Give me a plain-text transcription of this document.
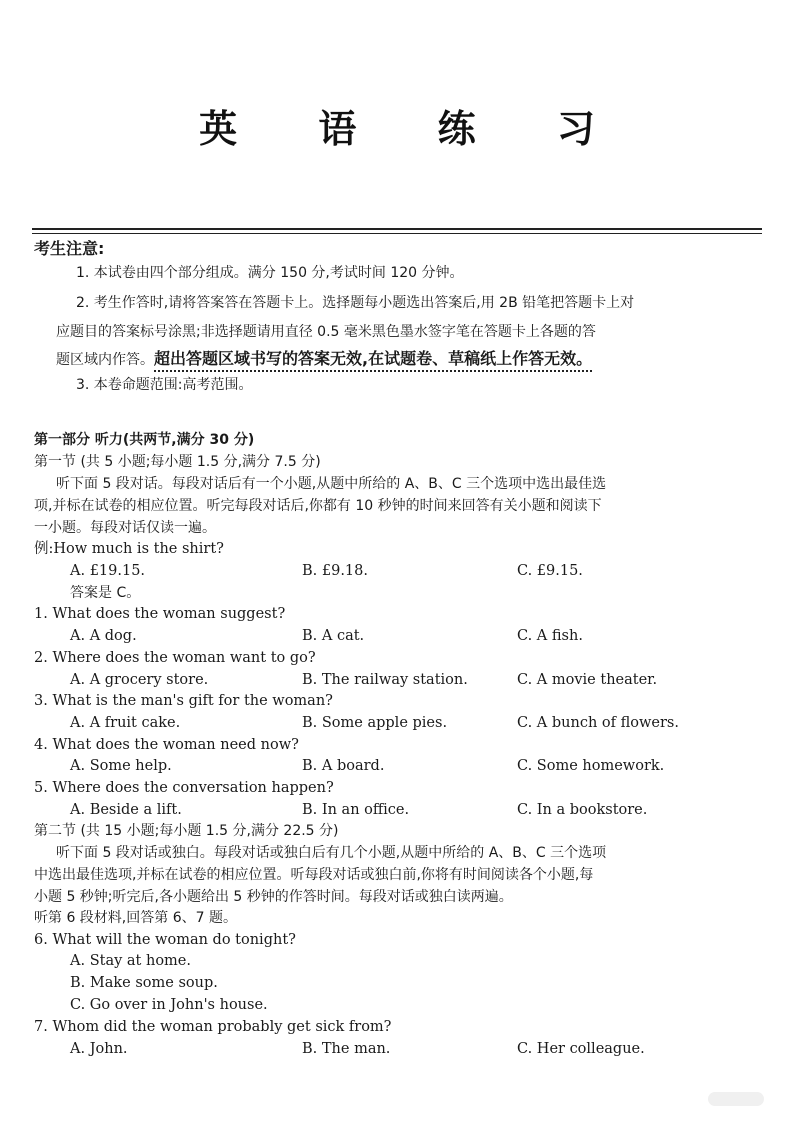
英 语 练 习
考生注意:
1. 本试卷由四个部分组成。满分 150 分,考试时间 120 分钟。
2. 考生作答时,请将答案答在答题卡上。选择题每小题选出答案后,用 2B 铅笔把答题卡上对
应题目的答案标号涂黑;非选择题请用直径 0.5 毫米黑色墨水签字笔在答题卡上各题的答
题区域内作答。超出答题区域书写的答案无效,在试题卷、草稿纸上作答无效。
3. 本卷命题范围:高考范围。
第一部分 听力(共两节,满分 30 分)
第一节 (共 5 小题;每小题 1.5 分,满分 7.5 分)
听下面 5 段对话。每段对话后有一个小题,从题中所给的 A、B、C 三个选项中选出最佳选
项,并标在试卷的相应位置。听完每段对话后,你都有 10 秒钟的时间来回答有关小题和阅读下
一小题。每段对话仅读一遍。
例:How much is the shirt?
A. £19.15.	B. £9.18.	C. £9.15.
答案是 C。
1. What does the woman suggest?
A. A dog.	B. A cat.	C. A fish.
2. Where does the woman want to go?
A. A grocery store.	B. The railway station.	C. A movie theater.
3. What is the man's gift for the woman?
A. A fruit cake.	B. Some apple pies.	C. A bunch of flowers.
4. What does the woman need now?
A. Some help.	B. A board.	C. Some homework.
5. Where does the conversation happen?
A. Beside a lift.	B. In an office.	C. In a bookstore.
第二节 (共 15 小题;每小题 1.5 分,满分 22.5 分)
听下面 5 段对话或独白。每段对话或独白后有几个小题,从题中所给的 A、B、C 三个选项
中选出最佳选项,并标在试卷的相应位置。听每段对话或独白前,你将有时间阅读各个小题,每
小题 5 秒钟;听完后,各小题给出 5 秒钟的作答时间。每段对话或独白读两遍。
听第 6 段材料,回答第 6、7 题。
6. What will the woman do tonight?
A. Stay at home.
B. Make some soup.
C. Go over in John's house.
7. Whom did the woman probably get sick from?
A. John.	B. The man.	C. Her colleague.
